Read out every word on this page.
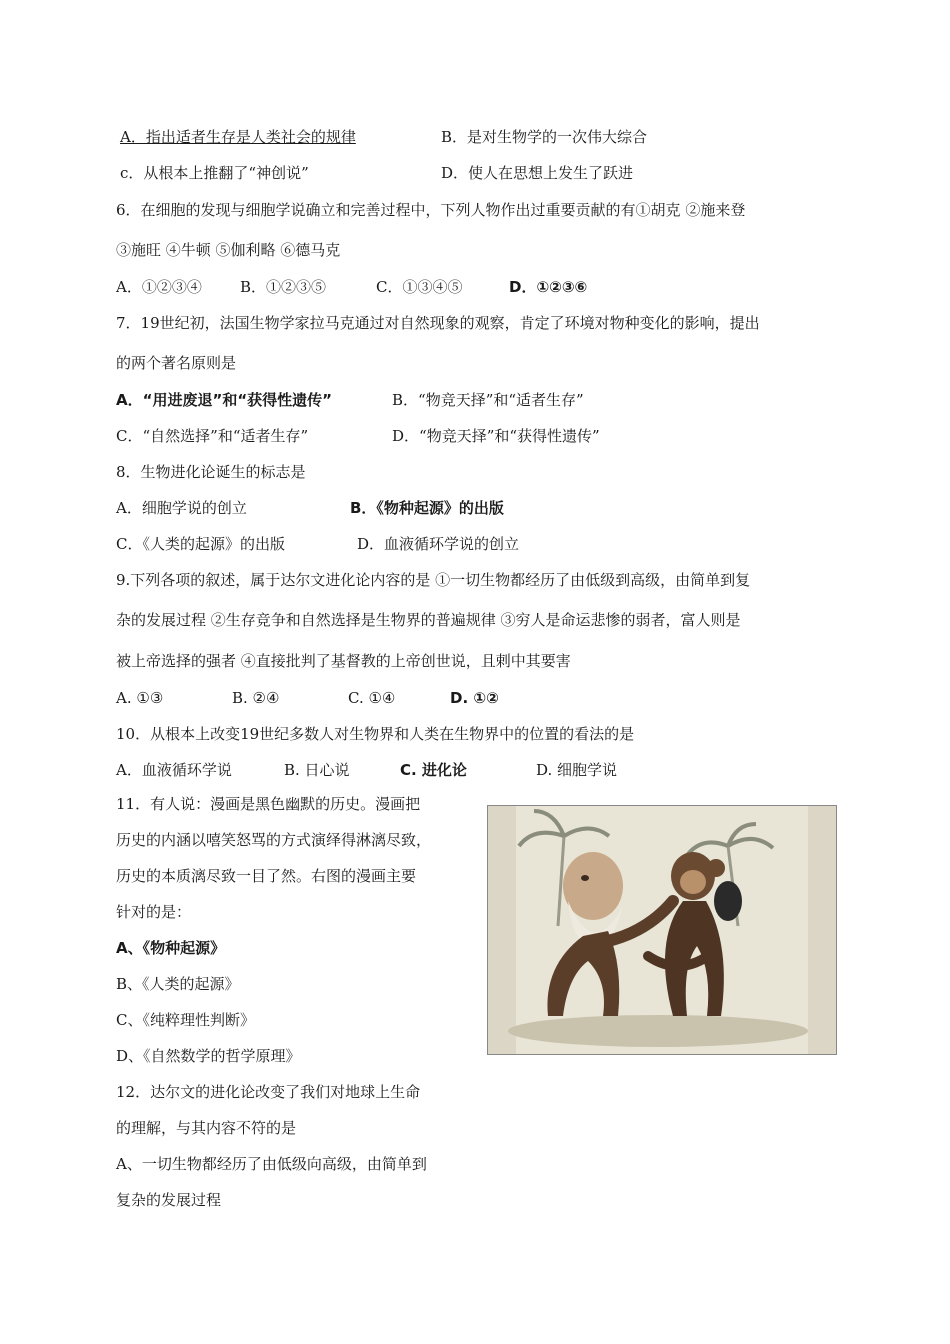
A．指出适者生存是人类社会的规律	B．是对生物学的一次伟大综合
c．从根本上推翻了“神创说”	D．使人在思想上发生了跃进
6．在细胞的发现与细胞学说确立和完善过程中，下列人物作出过重要贡献的有①胡克 ②施来登
③施旺 ④牛顿 ⑤伽利略 ⑥德马克
A．①②③④	B．①②③⑤	C．①③④⑤	D．①②③⑥
7．19世纪初，法国生物学家拉马克通过对自然现象的观察，肯定了环境对物种变化的影响，提出
的两个著名原则是
A．“用进废退”和“获得性遗传”	B．“物竞天择”和“适者生存”
C．“自然选择”和“适者生存”	D．“物竞天择”和“获得性遗传”
8．生物进化论诞生的标志是
A．细胞学说的创立	B．《物种起源》的出版
C．《人类的起源》的出版	D．血液循环学说的创立
9.下列各项的叙述，属于达尔文进化论内容的是 ①一切生物都经历了由低级到高级，由简单到复
杂的发展过程 ②生存竞争和自然选择是生物界的普遍规律 ③穷人是命运悲惨的弱者，富人则是
被上帝选择的强者 ④直接批判了基督教的上帝创世说，且剌中其要害
A. ①③	B. ②④	C. ①④	D. ①②
10．从根本上改变19世纪多数人对生物界和人类在生物界中的位置的看法的是
A．血液循环学说	B. 日心说	C. 进化论	D. 细胞学说
11．有人说：漫画是黑色幽默的历史。漫画把
历史的内涵以嘻笑怒骂的方式演绎得淋漓尽致，
历史的本质漓尽致一目了然。右图的漫画主要
针对的是：
A、《物种起源》
B、《人类的起源》
C、《纯粹理性判断》
D、《自然数学的哲学原理》
12．达尔文的进化论改变了我们对地球上生命
的理解，与其内容不符的是
A、一切生物都经历了由低级向高级，由简单到
复杂的发展过程
